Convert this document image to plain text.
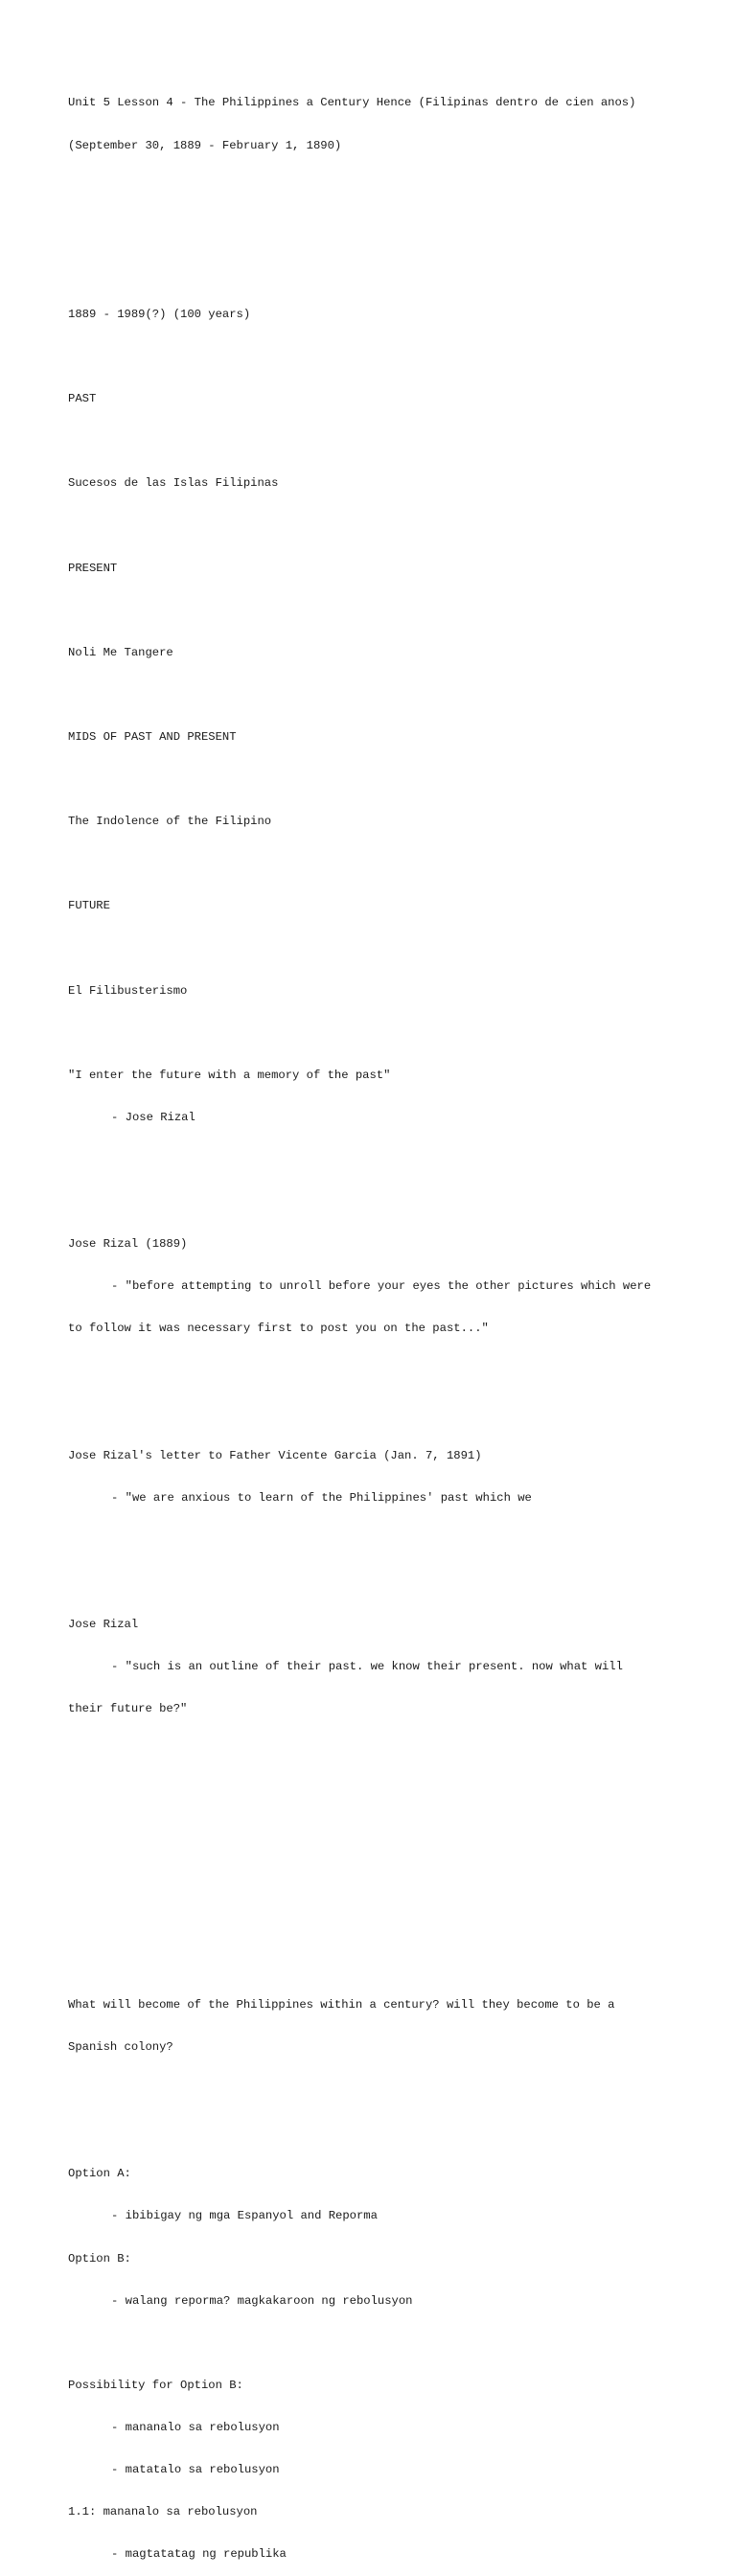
Unit 5 Lesson 4 - The Philippines a Century Hence (Filipinas dentro de cien anos)

(September 30, 1889 - February 1, 1890)

1889 - 1989(?) (100 years)

PAST

Sucesos de las Islas Filipinas

PRESENT

Noli Me Tangere

MIDS OF PAST AND PRESENT

The Indolence of the Filipino

FUTURE

El Filibusterismo

"I enter the future with a memory of the past"

- Jose Rizal

Jose Rizal (1889)

- "before attempting to unroll before your eyes the other pictures which were

to follow it was necessary first to post you on the past..."

Jose Rizal's letter to Father Vicente Garcia (Jan. 7, 1891)

- "we are anxious to learn of the Philippines' past which we

Jose Rizal

- "such is an outline of their past. we know their present. now what will

their future be?"

What will become of the Philippines within a century? will they become to be a

Spanish colony?

Option A:

- ibibigay ng mga Espanyol and Reporma

Option B:

- walang reporma? magkakaroon ng rebolusyon

Possibility for Option B:

- mananalo sa rebolusyon

- matatalo sa rebolusyon

1.1: mananalo sa rebolusyon

- magtatatag ng republika
